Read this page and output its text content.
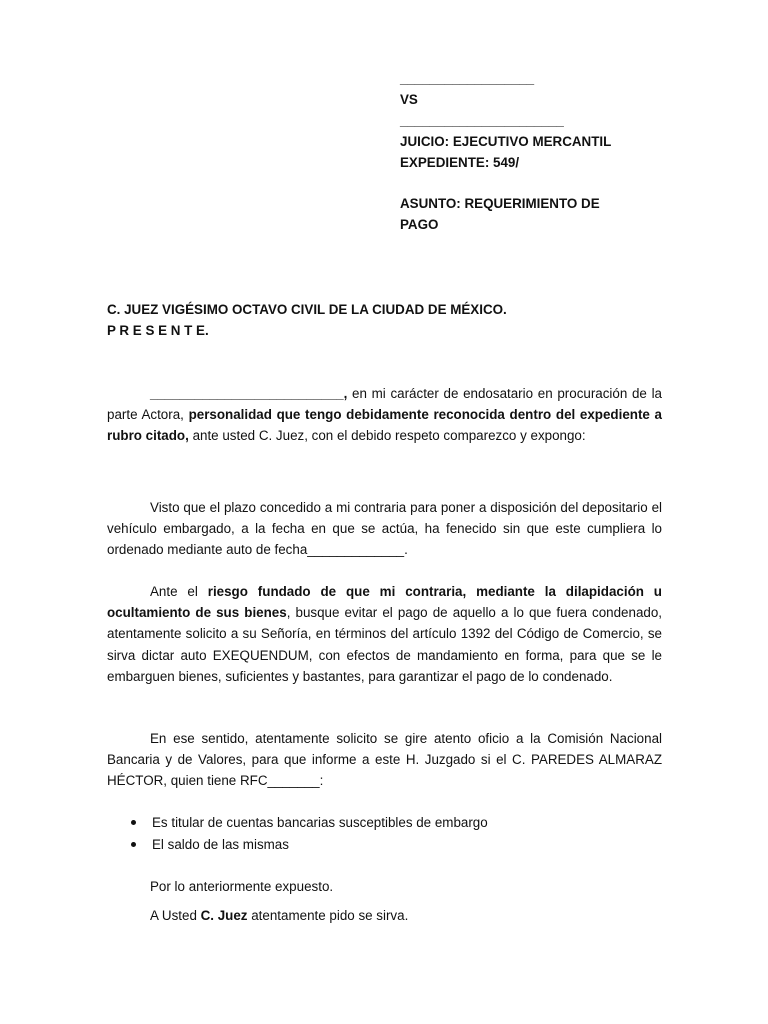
__________________
VS
______________________
JUICIO: EJECUTIVO MERCANTIL
EXPEDIENTE: 549/
ASUNTO: REQUERIMIENTO DE
PAGO
C. JUEZ VIGÉSIMO OCTAVO CIVIL DE LA CIUDAD DE MÉXICO.
P R E S E N T E.

__________________________, en mi carácter de endosatario en procuración de la parte Actora, personalidad que tengo debidamente reconocida dentro del expediente a rubro citado, ante usted C. Juez, con el debido respeto comparezco y expongo:

Visto que el plazo concedido a mi contraria para poner a disposición del depositario el vehículo embargado, a la fecha en que se actúa, ha fenecido sin que este cumpliera lo ordenado mediante auto de fecha_____________.

Ante el riesgo fundado de que mi contraria, mediante la dilapidación u ocultamiento de sus bienes, busque evitar el pago de aquello a lo que fuera condenado, atentamente solicito a su Señoría, en términos del artículo 1392 del Código de Comercio, se sirva dictar auto EXEQUENDUM, con efectos de mandamiento en forma, para que se le embarguen bienes, suficientes y bastantes, para garantizar el pago de lo condenado.

En ese sentido, atentamente solicito se gire atento oficio a la Comisión Nacional Bancaria y de Valores, para que informe a este H. Juzgado si el C. PAREDES ALMARAZ HÉCTOR, quien tiene RFC_______:

Es titular de cuentas bancarias susceptibles de embargo
El saldo de las mismas
Por lo anteriormente expuesto.
A Usted C. Juez atentamente pido se sirva.
